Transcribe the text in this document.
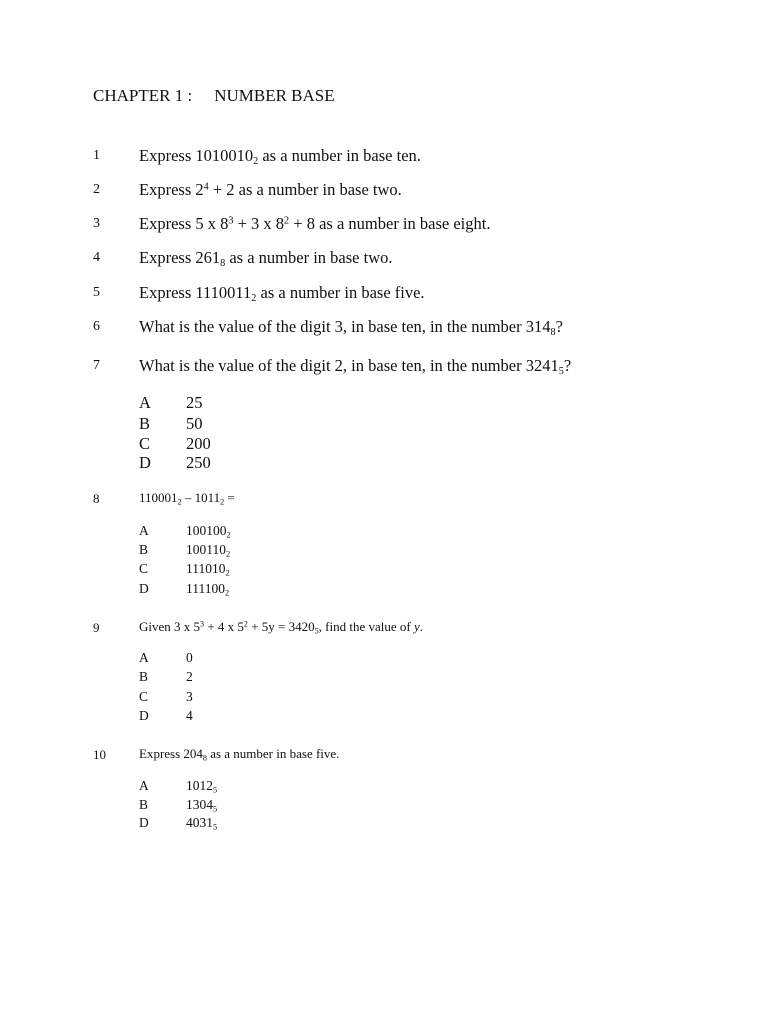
CHAPTER 1 : NUMBER BASE
1 Express $1010010_2$ as a number in base ten.
2 Express $2^4 + 2$ as a number in base two.
3 Express 5 x $8^3 + 3$ x $8^2 + 8$ as a number in base eight.
4 Express $261_8$ as a number in base two.
5 Express $1110011_2$ as a number in base five.
6 What is the value of the digit 3, in base ten, in the number $314_8$?
7 What is the value of the digit 2, in base ten, in the number $3241_5$?
A 25
B 50
C 200
D 250
8	$110001_2 - 1011_2$ =
A	$100100_2$
B	$100110_2$
C	$111010_2$
D	$111100_2$
9	Given 3 x $5^3 + 4$ x $5^2 + 5y = 3420_5$, find the value of y.
A	0
B	2
C	3
D	4
10	Express $204_8$ as a number in base five.
A	$1012_5$
B	$1304_5$
D	$4031_5$
